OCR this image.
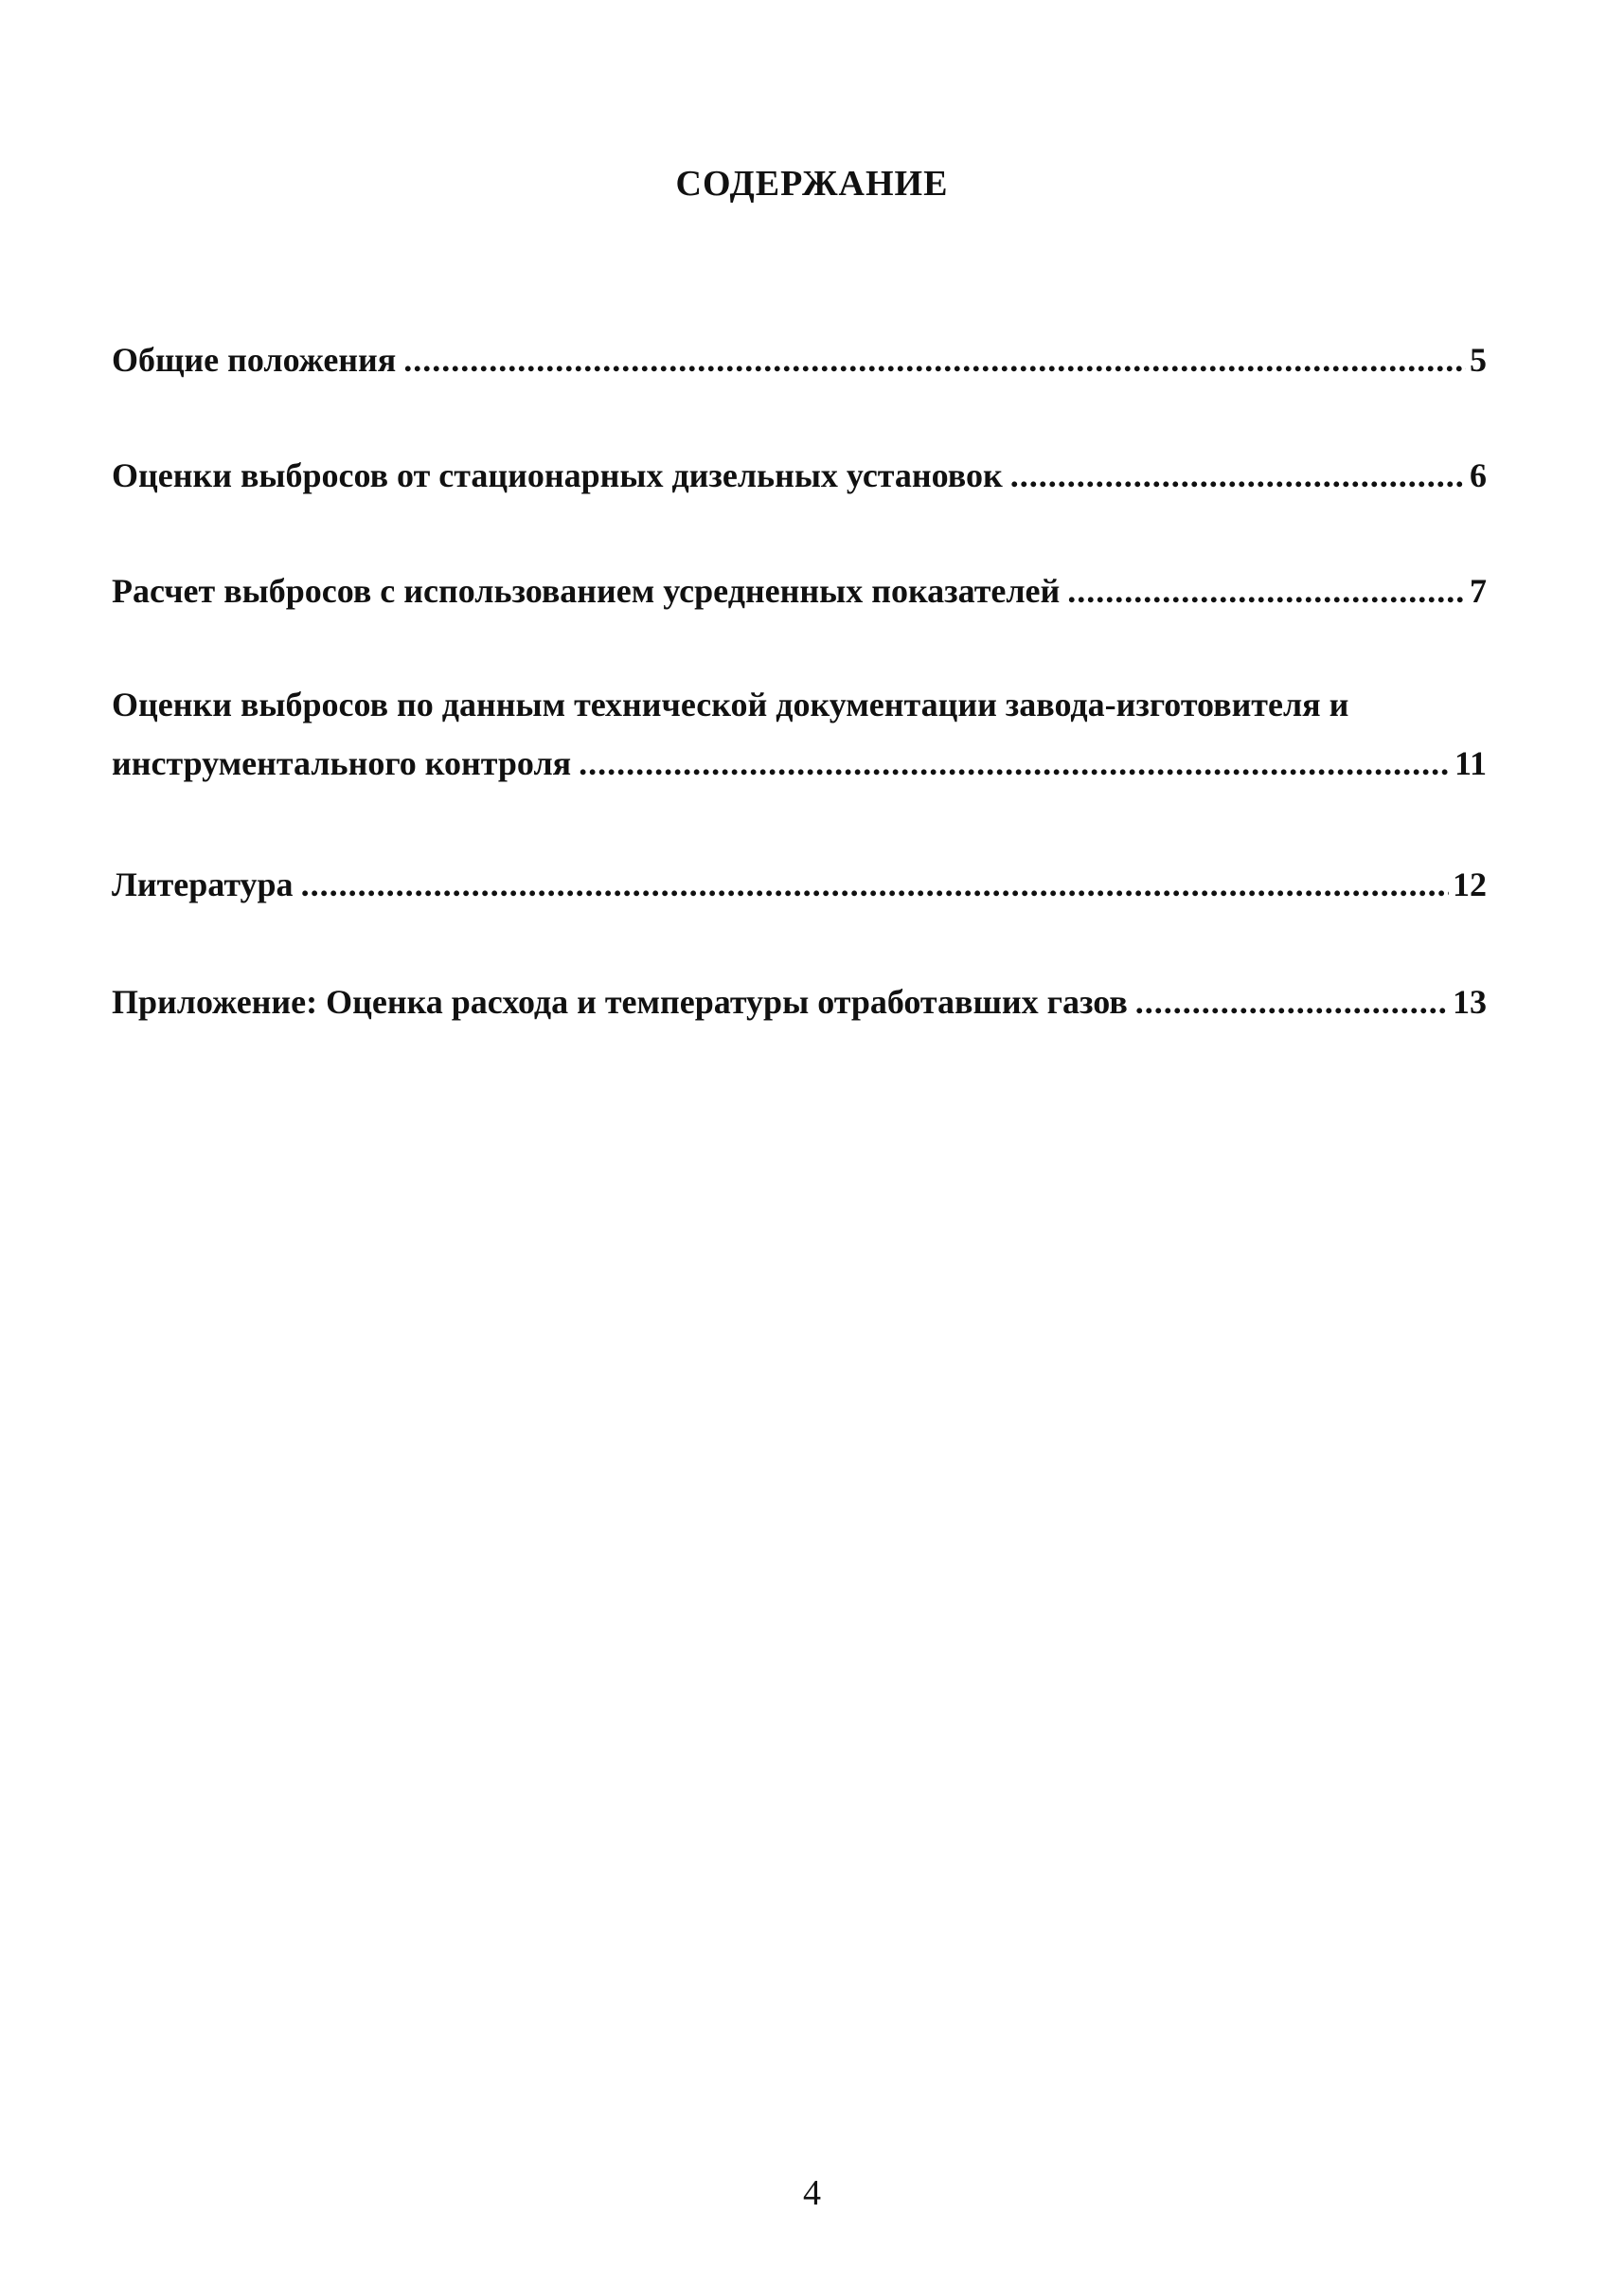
СОДЕРЖАНИЕ
Общие положения .....	5
Оценки выбросов от стационарных дизельных установок .....	6
Расчет выбросов с использованием усредненных показателей .....	7
Оценки выбросов по данным технической документации завода-изготовителя и
инструментального контроля .....	11
Литература .....	12
Приложение: Оценка расхода и температуры отработавших газов .....	13
4
